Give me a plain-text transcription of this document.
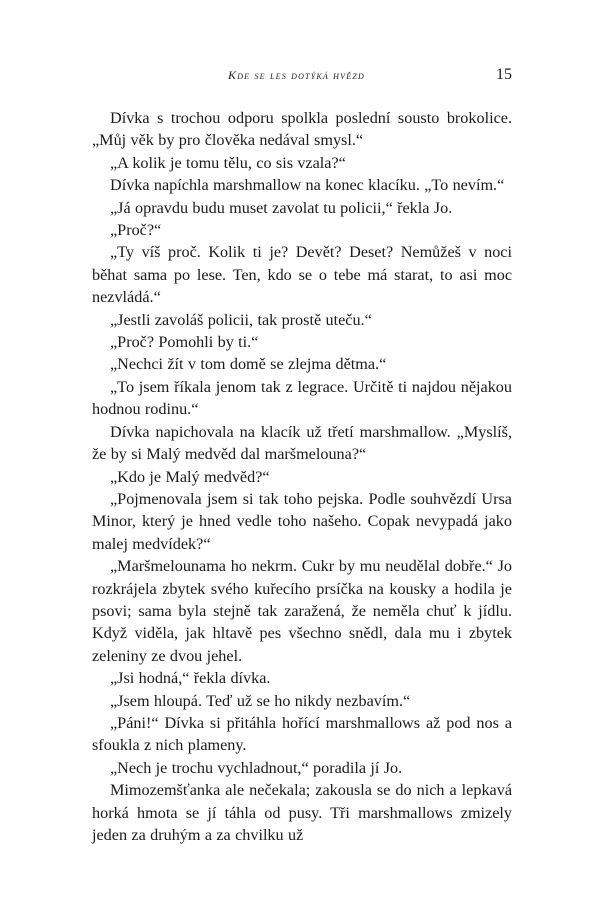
Kde se les dotýká hvězd	15

Dívka s trochou odporu spolkla poslední sousto brokolice. „Můj věk by pro člověka nedával smysl.“

„A kolik je tomu tělu, co sis vzala?“

Dívka napíchla marshmallow na konec klacíku. „To nevím.“

„Já opravdu budu muset zavolat tu policii,“ řekla Jo.

„Proč?“

„Ty víš proč. Kolik ti je? Devět? Deset? Nemůžeš v noci běhat sama po lese. Ten, kdo se o tebe má starat, to asi moc nezvládá.“

„Jestli zavoláš policii, tak prostě uteču.“

„Proč? Pomohli by ti.“

„Nechci žít v tom domě se zlejma dětma.“

„To jsem říkala jenom tak z legrace. Určitě ti najdou nějakou hodnou rodinu.“

Dívka napichovala na klacík už třetí marshmallow. „Myslíš, že by si Malý medvěd dal maršmelouna?“

„Kdo je Malý medvěd?“

„Pojmenovala jsem si tak toho pejska. Podle souhvězdí Ursa Minor, který je hned vedle toho našeho. Copak nevypadá jako malej medvídek?“

„Maršmelounama ho nekrm. Cukr by mu neudělal dobře.“ Jo rozkrájela zbytek svého kuřecího prsíčka na kousky a hodila je psovi; sama byla stejně tak zaražená, že neměla chuť k jídlu. Když viděla, jak hltavě pes všechno snědl, dala mu i zbytek zeleniny ze dvou jehel.

„Jsi hodná,“ řekla dívka.

„Jsem hloupá. Teď už se ho nikdy nezbavím.“

„Páni!“ Dívka si přitáhla hořící marshmallows až pod nos a sfoukla z nich plameny.

„Nech je trochu vychladnout,“ poradila jí Jo.

Mimozemšťanka ale nečekala; zakousla se do nich a lepkavá horká hmota se jí táhla od pusy. Tři marshmallows zmizely jeden za druhým a za chvilku už
